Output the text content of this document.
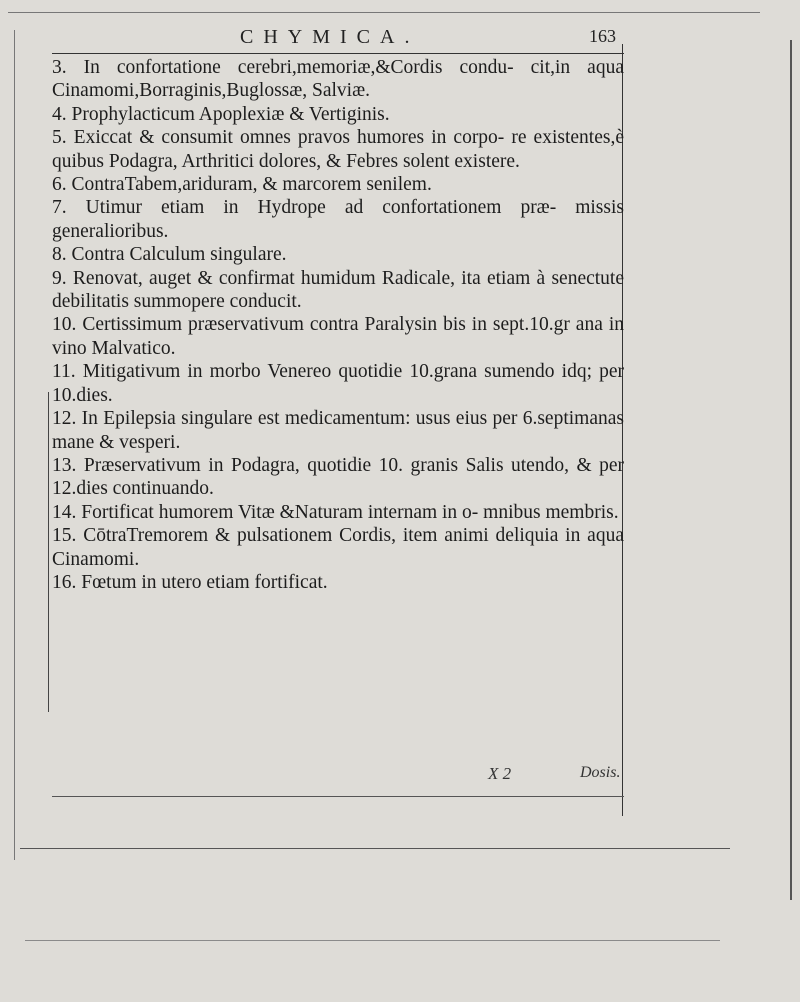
CHYMICA.	163

3. In confortatione cerebri,memoriæ,&Cordis condu- cit,in aqua Cinamomi,Borraginis,Buglossæ, Salviæ.

4. Prophylacticum Apoplexiæ & Vertiginis.

5. Exiccat & consumit omnes pravos humores in corpo- re existentes,è quibus Podagra, Arthritici dolores, & Febres solent existere.

6. ContraTabem,ariduram, & marcorem senilem.

7. Utimur etiam in Hydrope ad confortationem præ- missis generalioribus.

8. Contra Calculum singulare.

9. Renovat, auget & confirmat humidum Radicale, ita etiam à senectute debilitatis summopere conducit.

10. Certissimum præservativum contra Paralysin bis in sept.10.gr ana in vino Malvatico.

11. Mitigativum in morbo Venereo quotidie 10.grana sumendo idq; per 10.dies.

12. In Epilepsia singulare est medicamentum: usus eius per 6.septimanas mane & vesperi.

13. Præservativum in Podagra, quotidie 10. granis Salis utendo, & per 12.dies continuando.

14. Fortificat humorem Vitæ &Naturam internam in o- mnibus membris.

15. CōtraTremorem & pulsationem Cordis, item animi deliquia in aqua Cinamomi.

16. Fœtum in utero etiam fortificat.

X 2	Dosis.
